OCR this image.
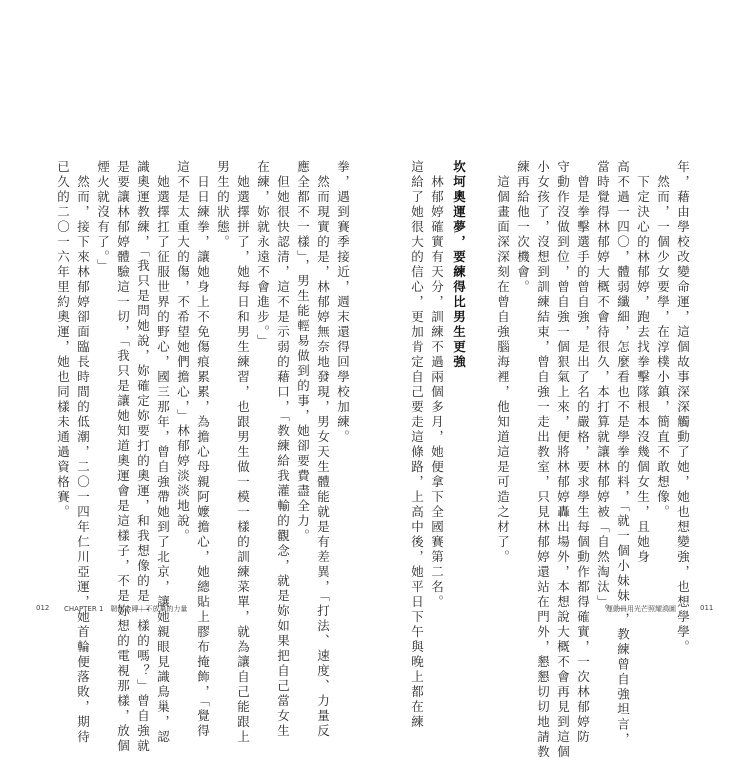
年，藉由學校改變命運，這個故事深深觸動了她，她也想變強，也想學學。
然而，一個少女要學，在淳樸小鎮，簡直不敢想像。
下定決心的林郁婷，跑去找拳擊隊根本沒幾個女生，且她身
高不過一四〇，體弱纖細，怎麼看也不是學拳的料，「就一個小妹妹」，教練曾自強坦言，
當時覺得林郁婷大概不會待很久，本打算就讓林郁婷被「自然淘汰」。
曾是拳擊選手的曾自強，是出了名的嚴格，要求學生每個動作都得確實，一次林郁婷防
守動作沒做到位，曾自強一個狠氣上來，便將林郁婷轟出場外，本想說大概不會再見到這個
小女孩了，沒想到訓練結束，曾自強一走出教室，只見林郁婷還站在門外，懇懇切切地請教
練再給他一次機會。
這個畫面深深刻在曾自強腦海裡，他知道這是可造之材了。
坎坷奧運夢，要練得比男生更強
林郁婷確實有天分，訓練不過兩個多月，她便拿下全國賽第二名。
這給了她很大的信心，更加肯定自己要走這條路，上高中後，她平日下午與晚上都在練
拳，遇到賽季接近，週末還得回學校加練。
然而現實的是，林郁婷無奈地發現，男女天生體能就是有差異，「打法、速度、力量反
應全都不一樣」，男生能輕易做到的事，她卻要費盡全力。
但她很快認清，這不是示弱的藉口，「教練給我灌輸的觀念，就是妳如果把自己當女生
在練，妳就永遠不會進步。」
她選擇拼了，她每日和男生練習，也跟男生做一模一樣的訓練菜單，就為讓自己能跟上
男生的狀態。
日日練拳，讓她身上不免傷痕累累，為擔心母親阿嬤擔心，她總貼上膠布掩飾，「覺得
這不是太重大的傷，不希望她們擔心，」林郁婷淡淡地說。
她選擇扛了征服世界的野心，國三那年，曾自強帶她到了北京，讓她親眼見識鳥巢，認
識奧運教練，「我只是問她說，妳確定妳要打的奧運，和我想像的是一樣的嗎？」曾自強就
是要讓林郁婷體驗這一切，「我只是讓她知道奧運會是這樣子，不是妳想的電視那樣，放個
煙火就沒有了。」
然而，接下來林郁婷卻面臨長時間的低潮，二〇一四年仁川亞運，她首輪便落敗，期待
已久的二〇一六年里約奧運，她也同樣未通過資格賽。
012 CHAPTER 1　韌性金磚｜不放棄的力量	運動員用光芒照耀鴻圖	011
